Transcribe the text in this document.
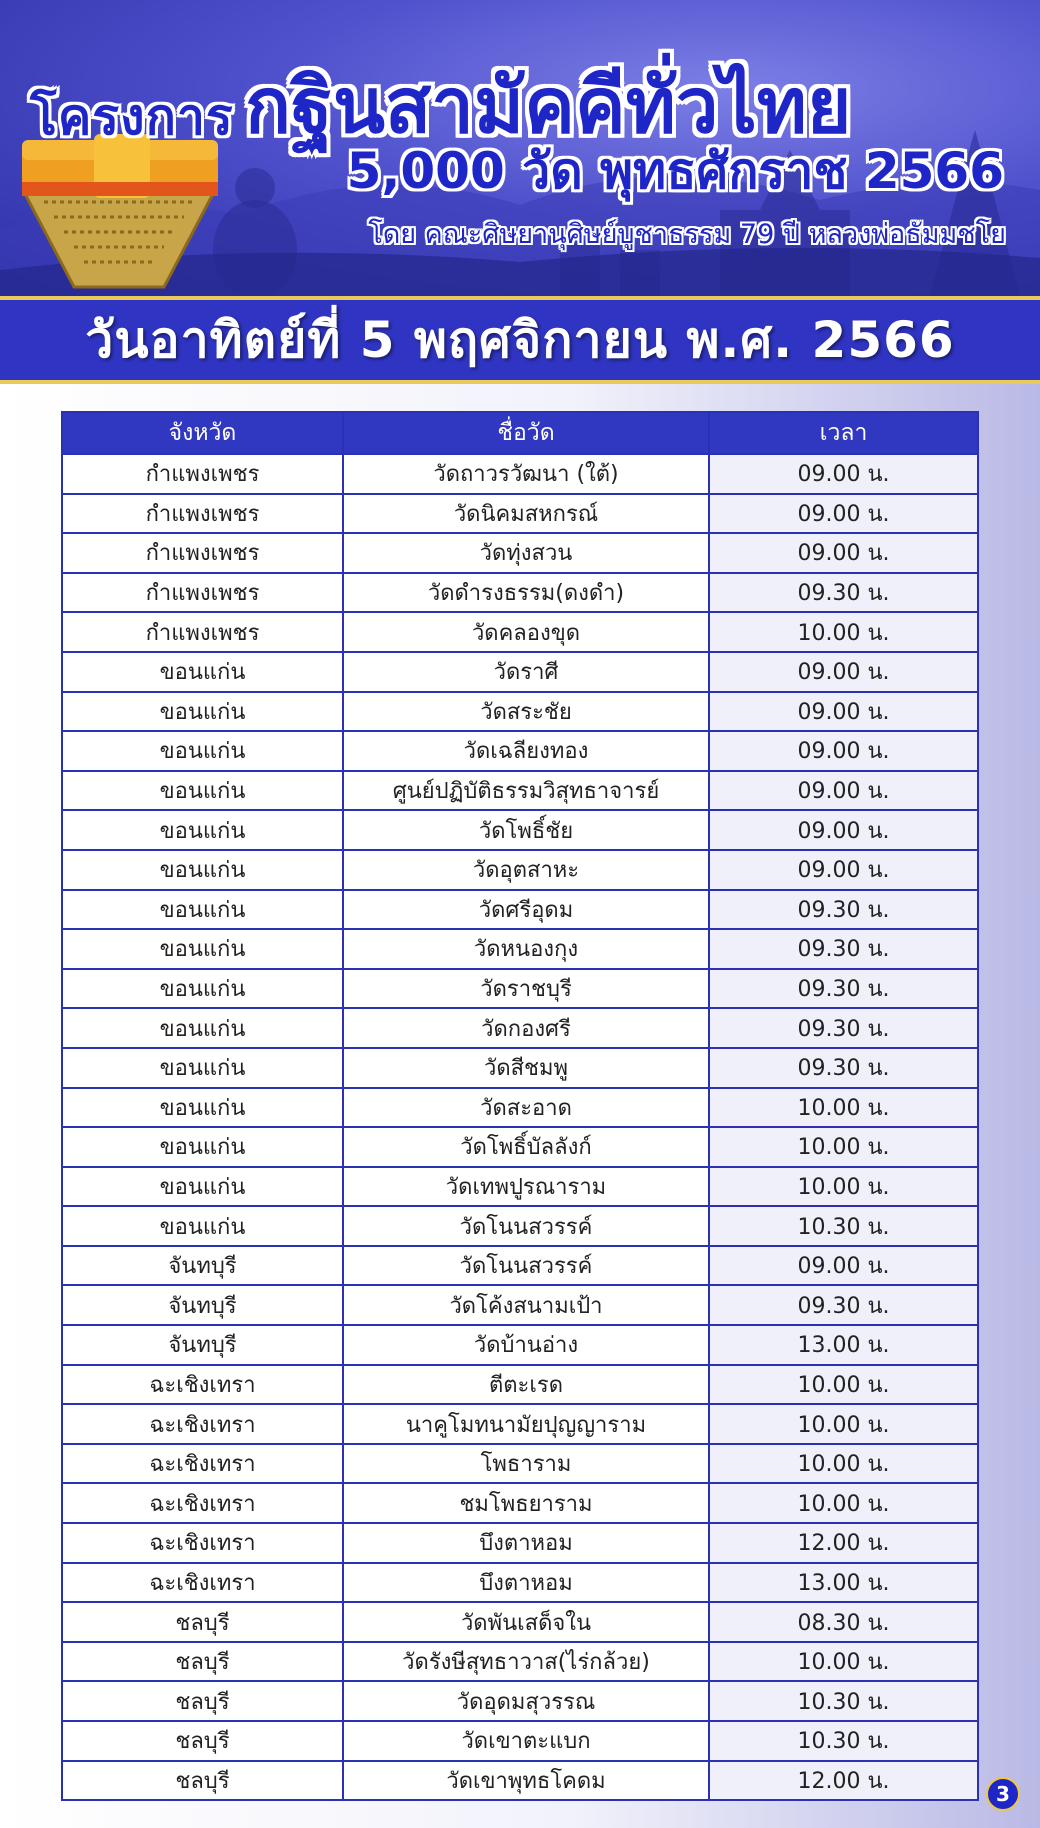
โครงการ กฐินสามัคคีทั่วไทย
5,000 วัด พุทธศักราช 2566
โดย คณะศิษยานุศิษย์บูชาธรรม 79 ปี หลวงพ่อธัมมชโย
วันอาทิตย์ที่ 5 พฤศจิกายน พ.ศ. 2566
จังหวัด	ชื่อวัด	เวลา
กำแพงเพชร	วัดถาวรวัฒนา (ใต้)	09.00 น.
กำแพงเพชร	วัดนิคมสหกรณ์	09.00 น.
กำแพงเพชร	วัดทุ่งสวน	09.00 น.
กำแพงเพชร	วัดดำรงธรรม(ดงดำ)	09.30 น.
กำแพงเพชร	วัดคลองขุด	10.00 น.
ขอนแก่น	วัดราศี	09.00 น.
ขอนแก่น	วัดสระชัย	09.00 น.
ขอนแก่น	วัดเฉลียงทอง	09.00 น.
ขอนแก่น	ศูนย์ปฏิบัติธรรมวิสุทธาจารย์	09.00 น.
ขอนแก่น	วัดโพธิ์ชัย	09.00 น.
ขอนแก่น	วัดอุตสาหะ	09.00 น.
ขอนแก่น	วัดศรีอุดม	09.30 น.
ขอนแก่น	วัดหนองกุง	09.30 น.
ขอนแก่น	วัดราชบุรี	09.30 น.
ขอนแก่น	วัดกองศรี	09.30 น.
ขอนแก่น	วัดสีชมพู	09.30 น.
ขอนแก่น	วัดสะอาด	10.00 น.
ขอนแก่น	วัดโพธิ์บัลลังก์	10.00 น.
ขอนแก่น	วัดเทพปูรณาราม	10.00 น.
ขอนแก่น	วัดโนนสวรรค์	10.30 น.
จันทบุรี	วัดโนนสวรรค์	09.00 น.
จันทบุรี	วัดโค้งสนามเป้า	09.30 น.
จันทบุรี	วัดบ้านอ่าง	13.00 น.
ฉะเชิงเทรา	ตีตะเรด	10.00 น.
ฉะเชิงเทรา	นาคูโมทนามัยปุญญาราม	10.00 น.
ฉะเชิงเทรา	โพธาราม	10.00 น.
ฉะเชิงเทรา	ชมโพธยาราม	10.00 น.
ฉะเชิงเทรา	บึงตาหอม	12.00 น.
ฉะเชิงเทรา	บึงตาหอม	13.00 น.
ชลบุรี	วัดพันเสด็จใน	08.30 น.
ชลบุรี	วัดรังษีสุทธาวาส(ไร่กล้วย)	10.00 น.
ชลบุรี	วัดอุดมสุวรรณ	10.30 น.
ชลบุรี	วัดเขาตะแบก	10.30 น.
ชลบุรี	วัดเขาพุทธโคดม	12.00 น.
3
